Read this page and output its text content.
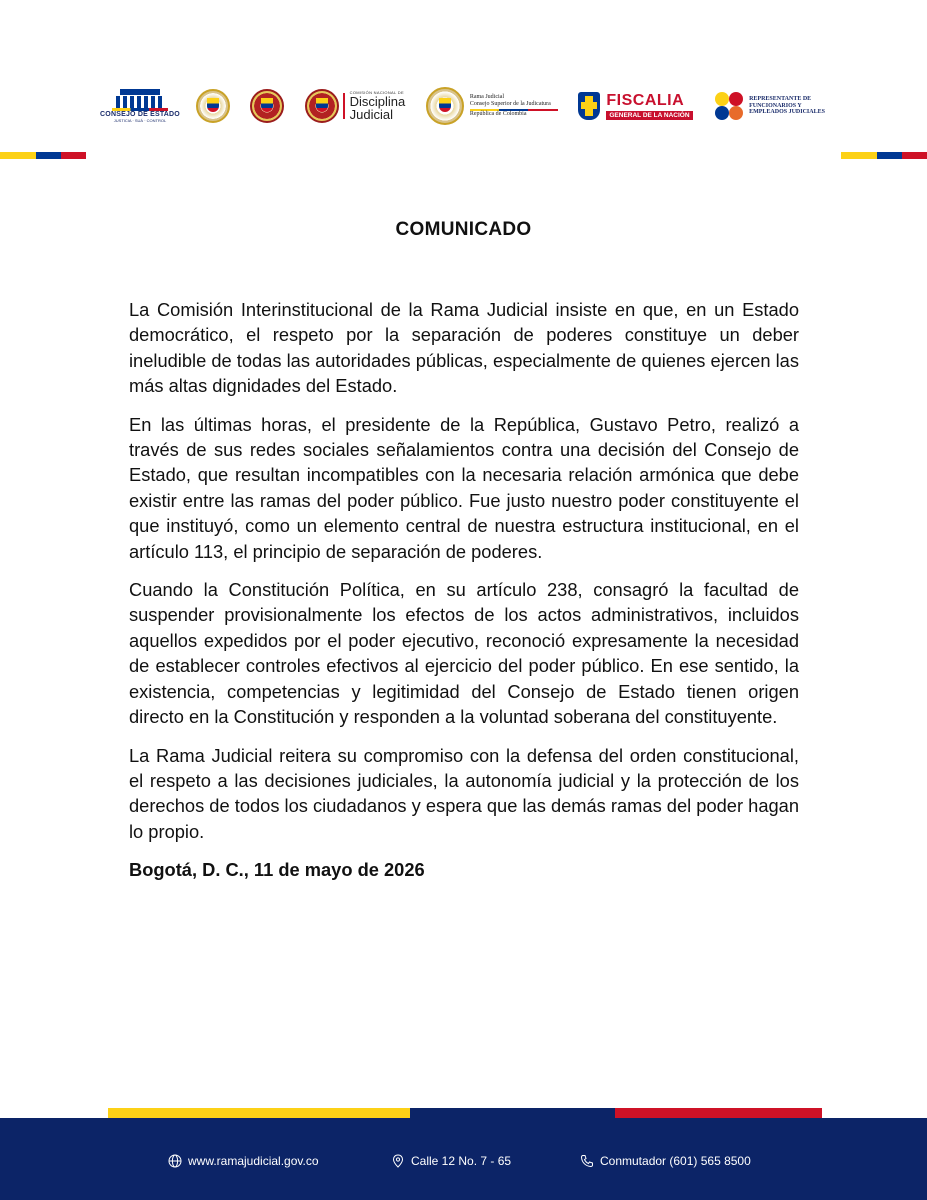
CONSEJO DE ESTADO
JUSTICIA · SUÁ · CONTROL
COMISIÓN NACIONAL DE
Disciplina
Judicial
Rama Judicial
Consejo Superior de la Judicatura
República de Colombia
FISCALIA
GENERAL DE LA NACIÓN
REPRESENTANTE DE
FUNCIONARIOS Y
EMPLEADOS JUDICIALES
COMUNICADO

La Comisión Interinstitucional de la Rama Judicial insiste en que, en un Estado democrático, el respeto por la separación de poderes constituye un deber ineludible de todas las autoridades públicas, especialmente de quienes ejercen las más altas dignidades del Estado.

En las últimas horas, el presidente de la República, Gustavo Petro, realizó a través de sus redes sociales señalamientos contra una decisión del Consejo de Estado, que resultan incompatibles con la necesaria relación armónica que debe existir entre las ramas del poder público. Fue justo nuestro poder constituyente el que instituyó, como un elemento central de nuestra estructura institucional, en el artículo 113, el principio de separación de poderes.

Cuando la Constitución Política, en su artículo 238, consagró la facultad de suspender provisionalmente los efectos de los actos administrativos, incluidos aquellos expedidos por el poder ejecutivo, reconoció expresamente la necesidad de establecer controles efectivos al ejercicio del poder público. En ese sentido, la existencia, competencias y legitimidad del Consejo de Estado tienen origen directo en la Constitución y responden a la voluntad soberana del constituyente.

La Rama Judicial reitera su compromiso con la defensa del orden constitucional, el respeto a las decisiones judiciales, la autonomía judicial y la protección de los derechos de todos los ciudadanos y espera que las demás ramas del poder hagan lo propio.

Bogotá, D. C., 11 de mayo de 2026

www.ramajudicial.gov.co	Calle 12 No. 7 - 65	Conmutador (601) 565 8500
